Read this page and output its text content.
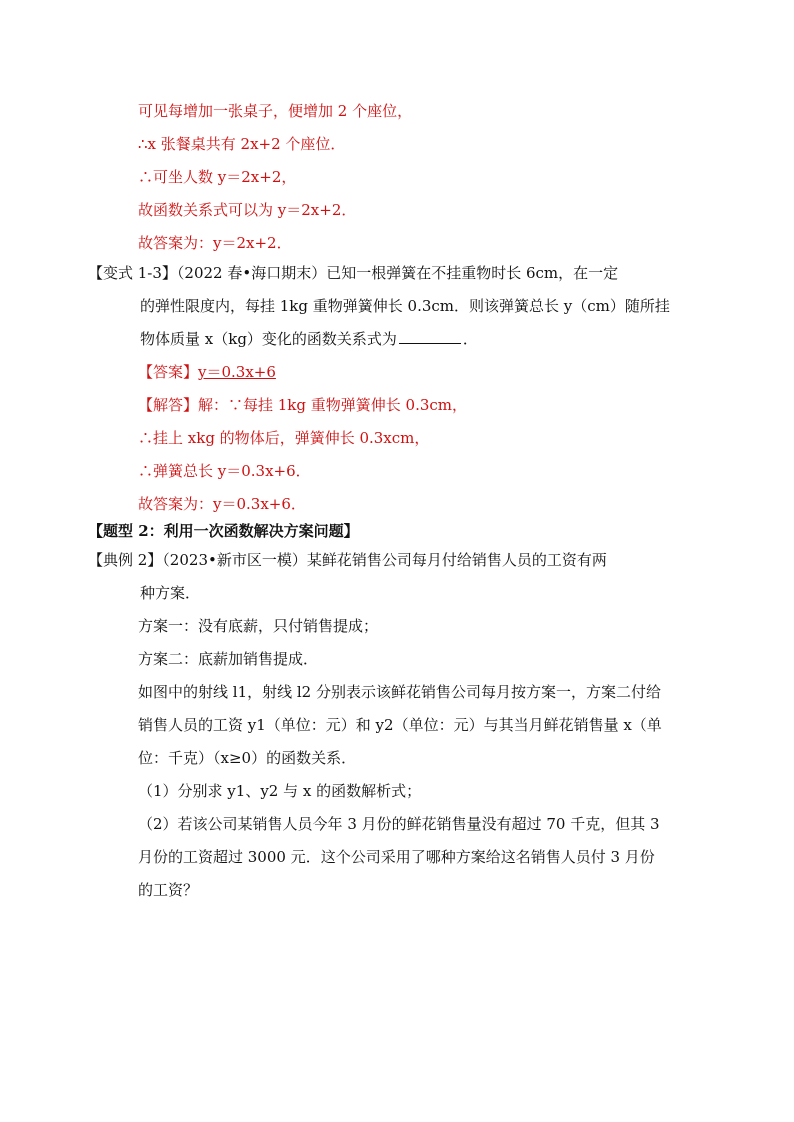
可见每增加一张桌子，便增加 2 个座位，
∴x 张餐桌共有 2x+2 个座位．
∴可坐人数 y＝2x+2，
故函数关系式可以为 y＝2x+2．
故答案为：y＝2x+2．
【变式 1-3】（2022 春•海口期末）已知一根弹簧在不挂重物时长 6cm，在一定
的弹性限度内，每挂 1kg 重物弹簧伸长 0.3cm．则该弹簧总长 y（cm）随所挂
物体质量 x（kg）变化的函数关系式为	．
【答案】y＝0.3x+6
【解答】解：∵每挂 1kg 重物弹簧伸长 0.3cm，
∴挂上 xkg 的物体后，弹簧伸长 0.3xcm，
∴弹簧总长 y＝0.3x+6．
故答案为：y＝0.3x+6．
【题型 2：利用一次函数解决方案问题】
【典例 2】（2023•新市区一模）某鲜花销售公司每月付给销售人员的工资有两
种方案．
方案一：没有底薪，只付销售提成；
方案二：底薪加销售提成．
如图中的射线 l1，射线 l2 分别表示该鲜花销售公司每月按方案一，方案二付给
销售人员的工资 y1（单位：元）和 y2（单位：元）与其当月鲜花销售量 x（单
位：千克）（x≥0）的函数关系．
（1）分别求 y1、y2 与 x 的函数解析式；
（2）若该公司某销售人员今年 3 月份的鲜花销售量没有超过 70 千克，但其 3
月份的工资超过 3000 元．这个公司采用了哪种方案给这名销售人员付 3 月份
的工资？
